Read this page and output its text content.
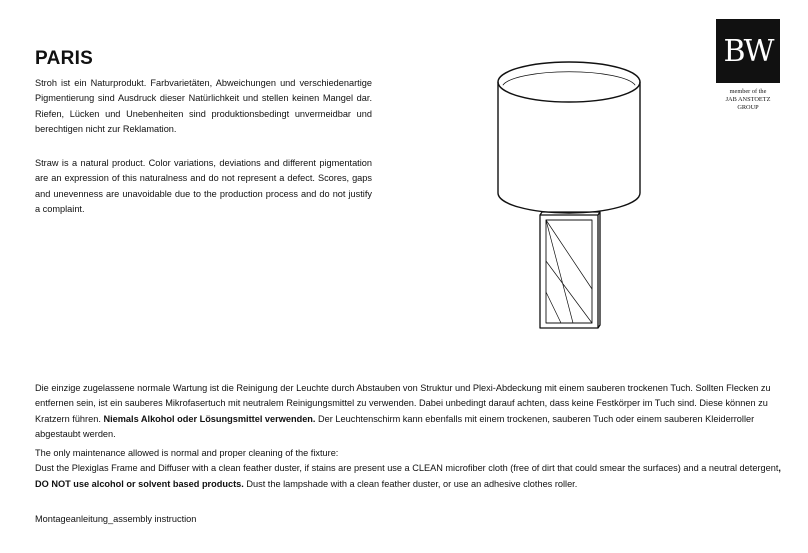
PARIS

Stroh ist ein Naturprodukt. Farbvarietäten, Abweichungen und verschiedenartige Pigmentierung sind Ausdruck dieser Natürlichkeit und stellen keinen Mangel dar. Riefen, Lücken und Unebenheiten sind produktionsbedingt unvermeidbar und berechtigen nicht zur Reklamation.

Straw is a natural product. Color variations, deviations and different pigmentation are an expression of this naturalness and do not represent a defect. Scores, gaps and unevenness are unavoidable due to the production process and do not justify a complaint.

BW
member of the
JAB ANSTOETZ
GROUP

Die einzige zugelassene normale Wartung ist die Reinigung der Leuchte durch Abstauben von Struktur und Plexi-Abdeckung mit einem sauberen trockenen Tuch. Sollten Flecken zu entfernen sein, ist ein sauberes Mikrofasertuch mit neutralem Reinigungsmittel zu verwenden. Dabei unbedingt darauf achten, dass keine Festkörper im Tuch sind. Diese können zu Kratzern führen. Niemals Alkohol oder Lösungsmittel verwenden. Der Leuchtenschirm kann ebenfalls mit einem trockenen, sauberen Tuch oder einem sauberen Kleiderroller abgestaubt werden.

The only maintenance allowed is normal and proper cleaning of the fixture:
Dust the Plexiglas Frame and Diffuser with a clean feather duster, if stains are present use a CLEAN microfiber cloth (free of dirt that could smear the surfaces) and a neutral detergent, DO NOT use alcohol or solvent based products. Dust the lampshade with a clean feather duster, or use an adhesive clothes roller.

Montageanleitung_assembly instruction
